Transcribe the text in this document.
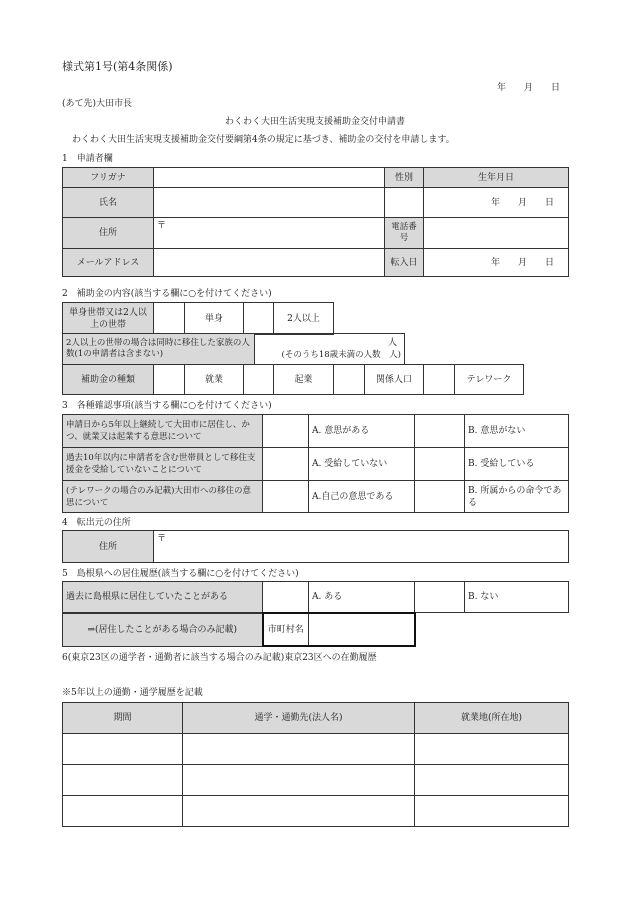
様式第1号(第4条関係)
年　　月　　日
(あて先)大田市長
わくわく大田生活実現支援補助金交付申請書
わくわく大田生活実現支援補助金交付要綱第4条の規定に基づき、補助金の交付を申請します。
1　申請者欄
フリガナ		性別	生年月日
氏名			年　　月　　日
住所	〒	電話番号	
メールアドレス		転入日	年　　月　　日
2　補助金の内容(該当する欄に○を付けてください)
単身世帯又は2人以上の世帯		単身		2人以上
2人以上の世帯の場合は同時に移住した家族の人数(1の申請者は含まない)	
人
(そのうち18歳未満の人数　人)
補助金の種類		就業		起業		関係人口		テレワーク
3　各種確認事項(該当する欄に○を付けてください)
申請日から5年以上継続して大田市に居住し、かつ、就業又は起業する意思について		A. 意思がある		B. 意思がない
過去10年以内に申請者を含む世帯員として移住支援金を受給していないことについて		A. 受給していない		B. 受給している
(テレワークの場合のみ記載)大田市への移住の意思について		A.自己の意思である		B. 所属からの命令である
4　転出元の住所
住所	〒
5　島根県への居住履歴(該当する欄に○を付けてください)
過去に島根県に居住していたことがある		A. ある		B. ない
⇒(居住したことがある場合のみ記載)	市町村名	
6(東京23区の通学者・通勤者に該当する場合のみ記載)東京23区への在勤履歴
※5年以上の通勤・通学履歴を記載
期間	通学・通勤先(法人名)	就業地(所在地)
